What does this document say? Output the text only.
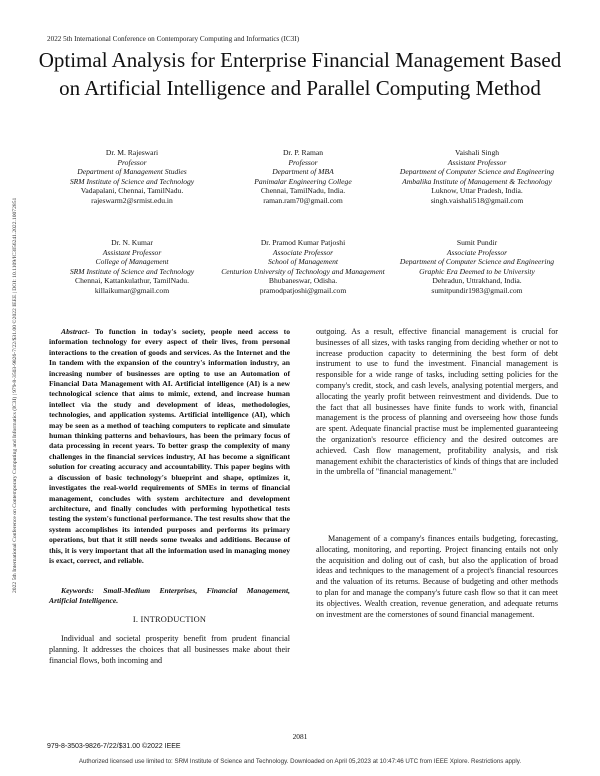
2022 5th International Conference on Contemporary Computing and Informatics (IC3I)
2022 5th International Conference on Contemporary Computing and Informatics (IC3I) | 979-8-3503-9826-7/22/$31.00 ©2022 IEEE | DOI: 10.1109/IC3I56241.2022.10072851
Optimal Analysis for Enterprise Financial Management Based on Artificial Intelligence and Parallel Computing Method
Dr. M. Rajeswari
Professor
Department of Management Studies
SRM Institute of Science and Technology
Vadapalani, Chennai, TamilNadu.
rajeswarm2@srmist.edu.in
Dr. P. Raman
Professor
Department of MBA
Panimalar Engineering College
Chennai, TamilNadu, India.
raman.ram70@gmail.com
Vaishali Singh
Assistant Professor
Department of Computer Science and Engineering
Ambalika Institute of Management & Technology
Luknow, Uttar Pradesh, India.
singh.vaishali518@gmail.com
Dr. N. Kumar
Assistant Professor
College of Management
SRM Institute of Science and Technology
Chennai, Kattankulathur, TamilNadu.
killaikumar@gmail.com
Dr. Pramod Kumar Patjoshi
Associate Professor
School of Management
Centurion University of Technology and Management
Bhubaneswar, Odisha.
pramodpatjoshi@gmail.com
Sumit Pundir
Associate Professor
Department of Computer Science and Engineering
Graphic Era Deemed to be University
Dehradun, Uttrakhand, India.
sumitpundir1983@gmail.com

Abstract- To function in today's society, people need access to information technology for every aspect of their lives, from personal interactions to the creation of goods and services. As the Internet and the In tandem with the expansion of the country's information industry, an increasing number of businesses are opting to use an Automation of Financial Data Management with AI. Artificial intelligence (AI) is a new technological science that aims to mimic, extend, and increase human intellect via the study and development of ideas, methodologies, technologies, and application systems. Artificial intelligence (AI), which may be seen as a method of teaching computers to replicate and simulate human thinking patterns and behaviours, has been the primary focus of data processing in recent years. To better grasp the complexity of many challenges in the financial services industry, AI has become a significant solution for creating accuracy and accountability. This paper begins with a discussion of basic technology's blueprint and shape, optimizes it, investigates the real-world requirements of SMEs in terms of financial management, concludes with system architecture and development architecture, and finally concludes with performing hypothetical tests testing the system's functional performance. The test results show that the system accomplishes its intended purposes and performs its primary operations, but that it still needs some tweaks and additions. Because of this, it is very important that all the information used in managing money is exact, correct, and reliable.

Keywords: Small-Medium Enterprises, Financial Management, Artificial Intelligence.

I. INTRODUCTION

Individual and societal prosperity benefit from prudent financial planning. It addresses the choices that all businesses make about their financial flows, both incoming and

outgoing. As a result, effective financial management is crucial for businesses of all sizes, with tasks ranging from deciding whether or not to increase production capacity to determining the best form of debt instrument to use to fund the investment. Financial management is responsible for a wide range of tasks, including setting policies for the company's credit, stock, and cash levels, analysing potential mergers, and allocating the yearly profit between reinvestment and dividends. Due to the fact that all businesses have finite funds to work with, financial management is the process of planning and overseeing how those funds are spent. Adequate financial practise must be implemented guaranteeing the organization's resource efficiency and the desired outcomes are achieved. Cash flow management, profitability analysis, and risk management exhibit the characteristics of kinds of things that are included in the umbrella of "financial management."

Management of a company's finances entails budgeting, forecasting, allocating, monitoring, and reporting. Project financing entails not only the acquisition and doling out of cash, but also the application of broad ideas and techniques to the management of a project's financial resources and the valuation of its returns. Because of budgeting and other methods to plan for and manage the company's future cash flow so that it can meet its objectives. Wealth creation, revenue generation, and adequate returns on investment are the cornerstones of sound financial management.

2081
979-8-3503-9826-7/22/$31.00 ©2022 IEEE
Authorized licensed use limited to: SRM Institute of Science and Technology. Downloaded on April 05,2023 at 10:47:46 UTC from IEEE Xplore. Restrictions apply.
